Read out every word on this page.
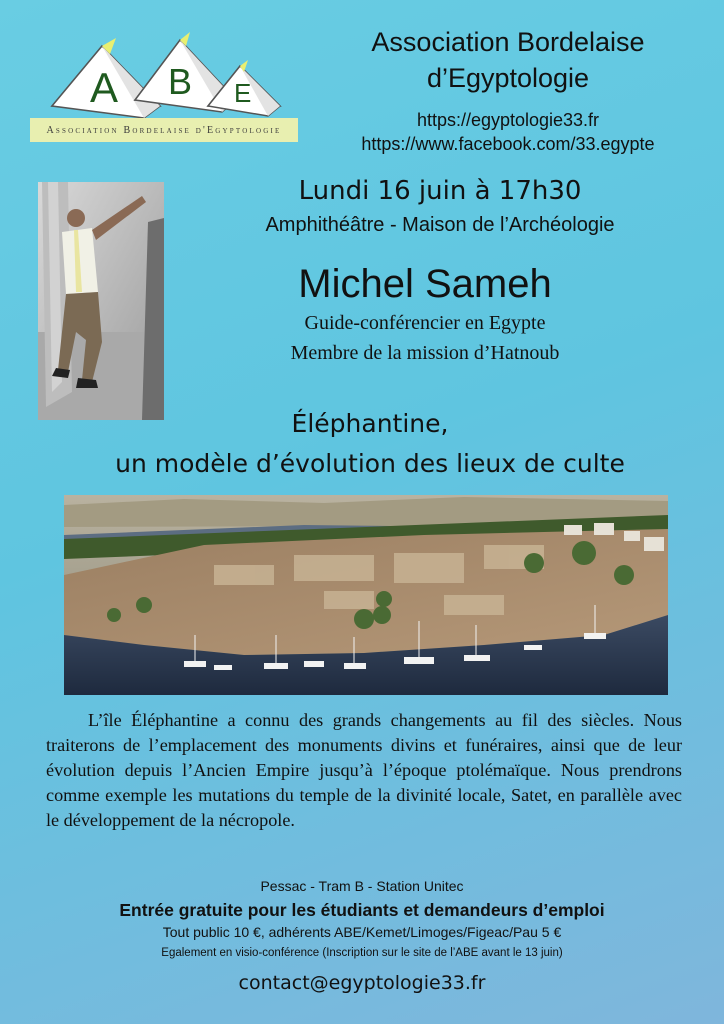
A B E
Association Bordelaise d'Egyptologie
Association Bordelaise
d’Egyptologie
https://egyptologie33.fr
https://www.facebook.com/33.egypte
Lundi 16 juin à 17h30
Amphithéâtre - Maison de l’Archéologie
Michel Sameh
Guide-conférencier en Egypte
Membre de la mission d’Hatnoub
Éléphantine,
un modèle d’évolution des lieux de culte
L’île Éléphantine a connu des grands changements au fil des siècles. Nous traiterons de l’emplacement des monuments divins et funéraires, ainsi que de leur évolution depuis l’Ancien Empire jusqu’à l’époque ptolémaïque. Nous prendrons comme exemple les mutations du temple de la divinité locale, Satet, en parallèle avec le développement de la nécropole.
Pessac - Tram B - Station Unitec
Entrée gratuite pour les étudiants et demandeurs d’emploi
Tout public 10 €, adhérents ABE/Kemet/Limoges/Figeac/Pau 5 €
Egalement en visio-conférence (Inscription sur le site de l’ABE avant le 13 juin)
contact@egyptologie33.fr
